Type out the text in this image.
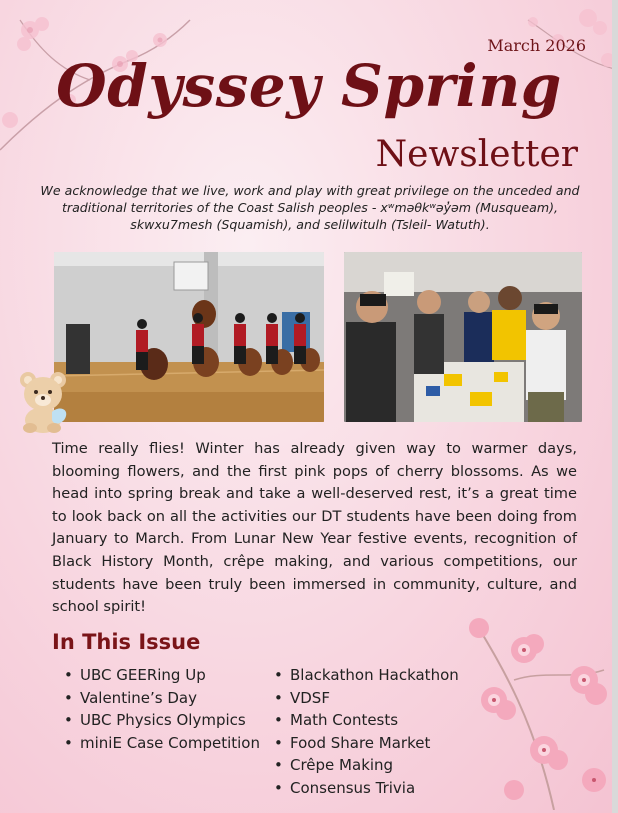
March 2026
Odyssey Spring
Newsletter
We acknowledge that we live, work and play with great privilege on the unceded and traditional territories of the Coast Salish peoples - xʷməθkʷəy̓əm (Musqueam), skwxu7mesh (Squamish), and selilwitulh (Tsleil- Watuth).
Time really flies! Winter has already given way to warmer days, blooming flowers, and the first pink pops of cherry blossoms. As we head into spring break and take a well-deserved rest, it’s a great time to look back on all the activities our DT students have been doing from January to March. From Lunar New Year festive events, recognition of Black History Month, crêpe making, and various competitions, our students have been truly been immersed in community, culture, and school spirit!
In This Issue
• UBC GEERing Up
• Valentine’s Day
• UBC Physics Olympics
• miniE Case Competition
• Blackathon Hackathon
• VDSF
• Math Contests
• Food Share Market
• Crêpe Making
• Consensus Trivia
